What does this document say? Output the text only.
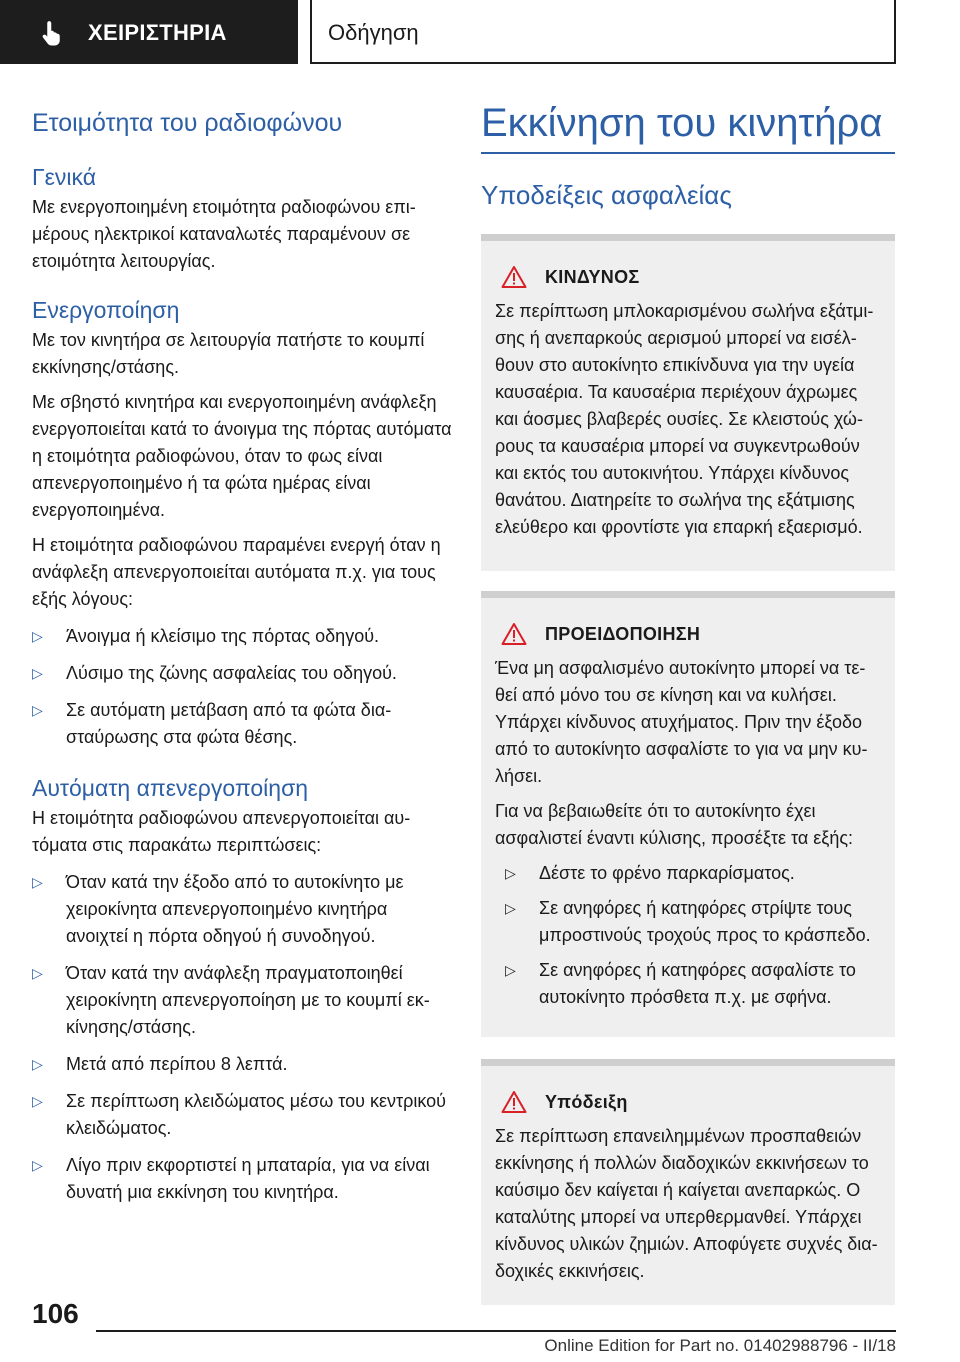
ΧΕΙΡΙΣΤΗΡΙΑ	Οδήγηση
Ετοιμότητα του ραδιοφώνου
Γενικά
Με ενεργοποιημένη ετοιμότητα ραδιοφώνου επιμέρους ηλεκτρικοί καταναλωτές παραμένουν σε ετοιμότητα λειτουργίας.
Ενεργοποίηση
Με τον κινητήρα σε λειτουργία πατήστε το κουμπί εκκίνησης/στάσης.
Με σβηστό κινητήρα και ενεργοποιημένη ανάφλεξη ενεργοποιείται κατά το άνοιγμα της πόρτας αυτόματα η ετοιμότητα ραδιοφώνου, όταν το φως είναι απενεργοποιημένο ή τα φώτα ημέρας είναι ενεργοποιημένα.
Η ετοιμότητα ραδιοφώνου παραμένει ενεργή όταν η ανάφλεξη απενεργοποιείται αυτόματα π.χ. για τους εξής λόγους:
▷	Άνοιγμα ή κλείσιμο της πόρτας οδηγού.
▷	Λύσιμο της ζώνης ασφαλείας του οδηγού.
▷	Σε αυτόματη μετάβαση από τα φώτα διασταύρωσης στα φώτα θέσης.
Αυτόματη απενεργοποίηση
Η ετοιμότητα ραδιοφώνου απενεργοποιείται αυτόματα στις παρακάτω περιπτώσεις:
▷	Όταν κατά την έξοδο από το αυτοκίνητο με χειροκίνητα απενεργοποιημένο κινητήρα ανοιχτεί η πόρτα οδηγού ή συνοδηγού.
▷	Όταν κατά την ανάφλεξη πραγματοποιηθεί χειροκίνητη απενεργοποίηση με το κουμπί εκκίνησης/στάσης.
▷	Μετά από περίπου 8 λεπτά.
▷	Σε περίπτωση κλειδώματος μέσω του κεντρικού κλειδώματος.
▷	Λίγο πριν εκφορτιστεί η μπαταρία, για να είναι δυνατή μια εκκίνηση του κινητήρα.
Εκκίνηση του κινητήρα
Υποδείξεις ασφαλείας
ΚΙΝΔΥΝΟΣ
Σε περίπτωση μπλοκαρισμένου σωλήνα εξάτμισης ή ανεπαρκούς αερισμού μπορεί να εισέλθουν στο αυτοκίνητο επικίνδυνα για την υγεία καυσαέρια. Τα καυσαέρια περιέχουν άχρωμες και άοσμες βλαβερές ουσίες. Σε κλειστούς χώρους τα καυσαέρια μπορεί να συγκεντρωθούν και εκτός του αυτοκινήτου. Υπάρχει κίνδυνος θανάτου. Διατηρείτε το σωλήνα της εξάτμισης ελεύθερο και φροντίστε για επαρκή εξαερισμό.
ΠΡΟΕΙΔΟΠΟΙΗΣΗ
Ένα μη ασφαλισμένο αυτοκίνητο μπορεί να τεθεί από μόνο του σε κίνηση και να κυλήσει. Υπάρχει κίνδυνος ατυχήματος. Πριν την έξοδο από το αυτοκίνητο ασφαλίστε το για να μην κυλήσει.
Για να βεβαιωθείτε ότι το αυτοκίνητο έχει ασφαλιστεί έναντι κύλισης, προσέξτε τα εξής:
▷	Δέστε το φρένο παρκαρίσματος.
▷	Σε ανηφόρες ή κατηφόρες στρίψτε τους μπροστινούς τροχούς προς το κράσπεδο.
▷	Σε ανηφόρες ή κατηφόρες ασφαλίστε το αυτοκίνητο πρόσθετα π.χ. με σφήνα.
Υπόδειξη
Σε περίπτωση επανειλημμένων προσπαθειών εκκίνησης ή πολλών διαδοχικών εκκινήσεων το καύσιμο δεν καίγεται ή καίγεται ανεπαρκώς. Ο καταλύτης μπορεί να υπερθερμανθεί. Υπάρχει κίνδυνος υλικών ζημιών. Αποφύγετε συχνές διαδοχικές εκκινήσεις.
106
Online Edition for Part no. 01402988796 - II/18
